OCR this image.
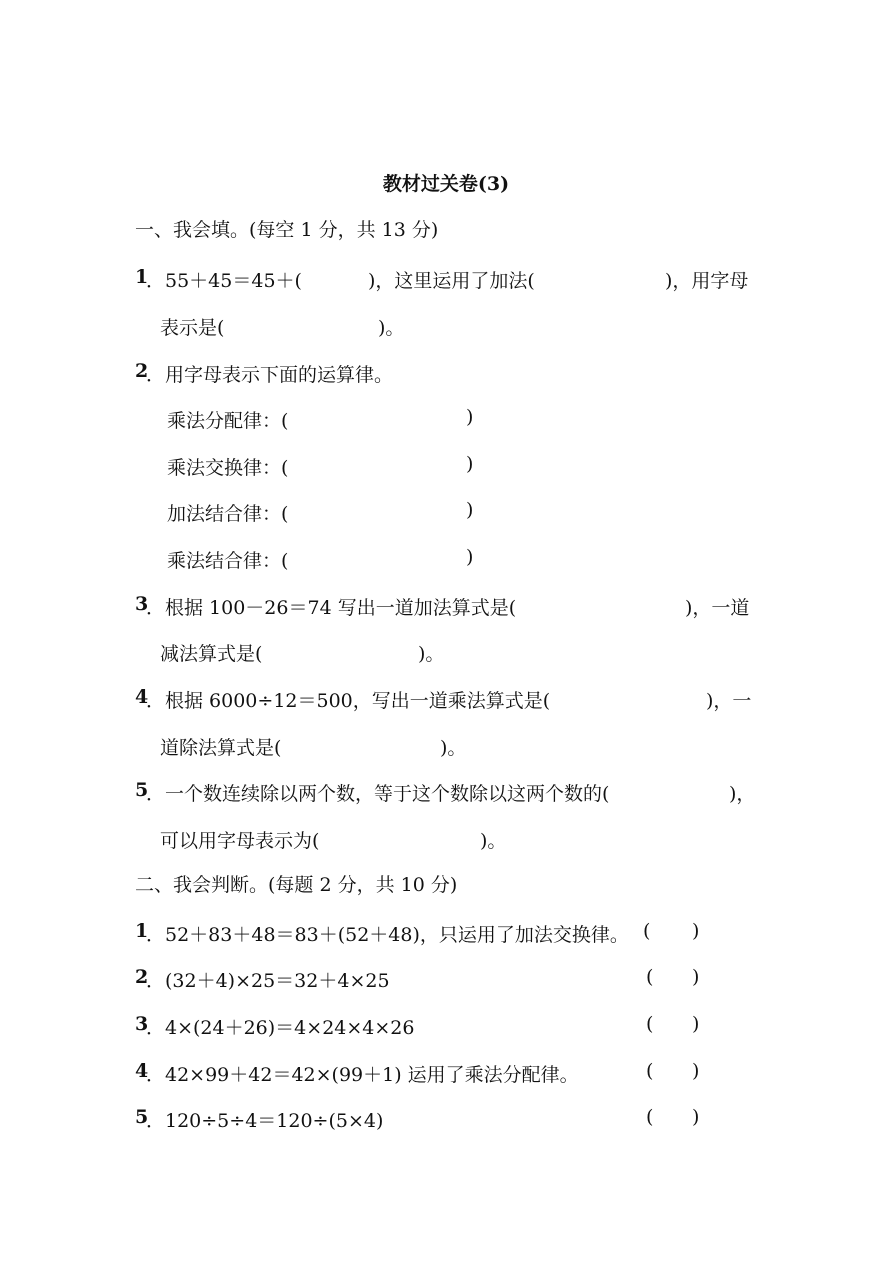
教材过关卷(3)
一、我会填。(每空 1 分，共 13 分)
1
．55＋45＝45＋(	)，这里运用了加法(	)，用字母
表示是(	)。
2
．用字母表示下面的运算律。
乘法分配律：(	)
乘法交换律：(	)
加法结合律：(	)
乘法结合律：(	)
3
．根据 100－26＝74 写出一道加法算式是(	)，一道
减法算式是(	)。
4
．根据 6000÷12＝500，写出一道乘法算式是(	)，一
道除法算式是(	)。
5
．一个数连续除以两个数，等于这个数除以这两个数的(	)，
可以用字母表示为(	)。
二、我会判断。(每题 2 分，共 10 分)
1
．52＋83＋48＝83＋(52＋48)，只运用了加法交换律。 ( )
2
．(32＋4)×25＝32＋4×25	( )
3
．4×(24＋26)＝4×24×4×26	( )
4
．42×99＋42＝42×(99＋1) 运用了乘法分配律。	( )
5
．120÷5÷4＝120÷(5×4)	( )
